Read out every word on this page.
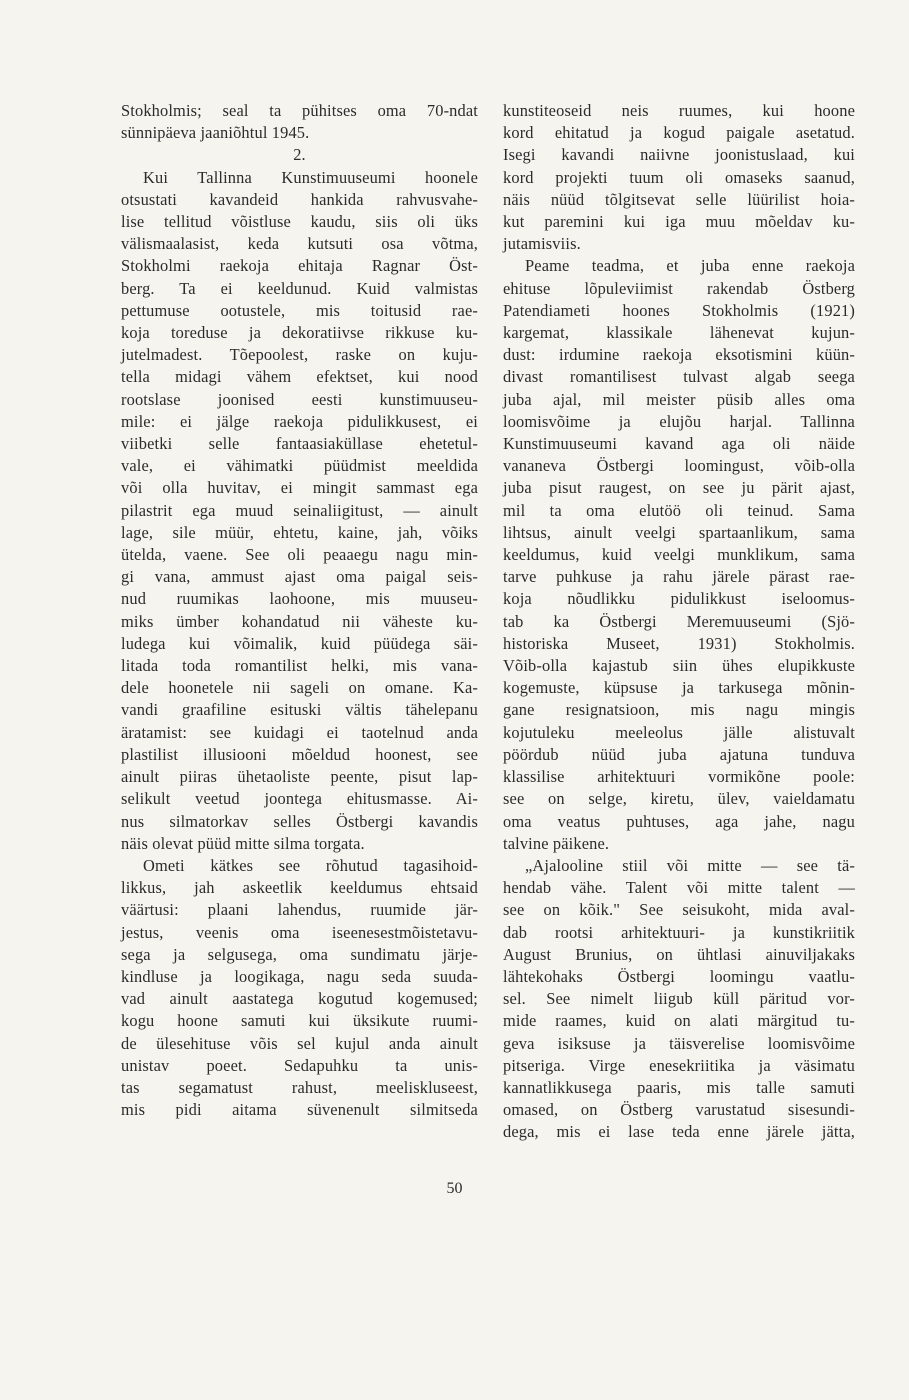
Stokholmis; seal ta pühitses oma 70-ndat
sünnipäeva jaaniõhtul 1945.
2.
Kui Tallinna Kunstimuuseumi hoonele
otsustati kavandeid hankida rahvusvahe-
lise tellitud võistluse kaudu, siis oli üks
välismaalasist, keda kutsuti osa võtma,
Stokholmi raekoja ehitaja Ragnar Öst-
berg. Ta ei keeldunud. Kuid valmistas
pettumuse ootustele, mis toitusid rae-
koja toreduse ja dekoratiivse rikkuse ku-
jutelmadest. Tõepoolest, raske on kuju-
tella midagi vähem efektset, kui nood
rootslase joonised eesti kunstimuuseu-
mile: ei jälge raekoja pidulikkusest, ei
viibetki selle fantaasiaküllase ehetetul-
vale, ei vähimatki püüdmist meeldida
või olla huvitav, ei mingit sammast ega
pilastrit ega muud seinaliigitust, — ainult
lage, sile müür, ehtetu, kaine, jah, võiks
ütelda, vaene. See oli peaaegu nagu min-
gi vana, ammust ajast oma paigal seis-
nud ruumikas laohoone, mis muuseu-
miks ümber kohandatud nii väheste ku-
ludega kui võimalik, kuid püüdega säi-
litada toda romantilist helki, mis vana-
dele hoonetele nii sageli on omane. Ka-
vandi graafiline esituski vältis tähelepanu
äratamist: see kuidagi ei taotelnud anda
plastilist illusiooni mõeldud hoonest, see
ainult piiras ühetaoliste peente, pisut lap-
selikult veetud joontega ehitusmasse. Ai-
nus silmatorkav selles Östbergi kavandis
näis olevat püüd mitte silma torgata.
Ometi kätkes see rõhutud tagasihoid-
likkus, jah askeetlik keeldumus ehtsaid
väärtusi: plaani lahendus, ruumide jär-
jestus, veenis oma iseenesestmõistetavu-
sega ja selgusega, oma sundimatu järje-
kindluse ja loogikaga, nagu seda suuda-
vad ainult aastatega kogutud kogemused;
kogu hoone samuti kui üksikute ruumi-
de ülesehituse võis sel kujul anda ainult
unistav poeet. Sedapuhku ta unis-
tas segamatust rahust, meeliskluseest,
mis pidi aitama süvenenult silmitseda
kunstiteoseid neis ruumes, kui hoone
kord ehitatud ja kogud paigale asetatud.
Isegi kavandi naiivne joonistuslaad, kui
kord projekti tuum oli omaseks saanud,
näis nüüd tõlgitsevat selle lüürilist hoia-
kut paremini kui iga muu mõeldav ku-
jutamisviis.
Peame teadma, et juba enne raekoja
ehituse lõpuleviimist rakendab Östberg
Patendiameti hoones Stokholmis (1921)
kargemat, klassikale lähenevat kujun-
dust: irdumine raekoja eksotismini küün-
divast romantilisest tulvast algab seega
juba ajal, mil meister püsib alles oma
loomisvõime ja elujõu harjal. Tallinna
Kunstimuuseumi kavand aga oli näide
vananeva Östbergi loomingust, võib-olla
juba pisut raugest, on see ju pärit ajast,
mil ta oma elutöö oli teinud. Sama
lihtsus, ainult veelgi spartaanlikum, sama
keeldumus, kuid veelgi munklikum, sama
tarve puhkuse ja rahu järele pärast rae-
koja nõudlikku pidulikkust iseloomus-
tab ka Östbergi Meremuuseumi (Sjö-
historiska Museet, 1931) Stokholmis.
Võib-olla kajastub siin ühes elupikkuste
kogemuste, küpsuse ja tarkusega mõnin-
gane resignatsioon, mis nagu mingis
kojutuleku meeleolus jälle alistuvalt
pöördub nüüd juba ajatuna tunduva
klassilise arhitektuuri vormikõne poole:
see on selge, kiretu, ülev, vaieldamatu
oma veatus puhtuses, aga jahe, nagu
talvine päikene.
„Ajalooline stiil või mitte — see tä-
hendab vähe. Talent või mitte talent —
see on kõik." See seisukoht, mida aval-
dab rootsi arhitektuuri- ja kunstikriitik
August Brunius, on ühtlasi ainuviljakaks
lähtekohaks Östbergi loomingu vaatlu-
sel. See nimelt liigub küll päritud vor-
mide raames, kuid on alati märgitud tu-
geva isiksuse ja täisverelise loomisvõime
pitseriga. Virge enesekriitika ja väsimatu
kannatlikkusega paaris, mis talle samuti
omased, on Östberg varustatud sisesundi-
dega, mis ei lase teda enne järele jätta,
50
